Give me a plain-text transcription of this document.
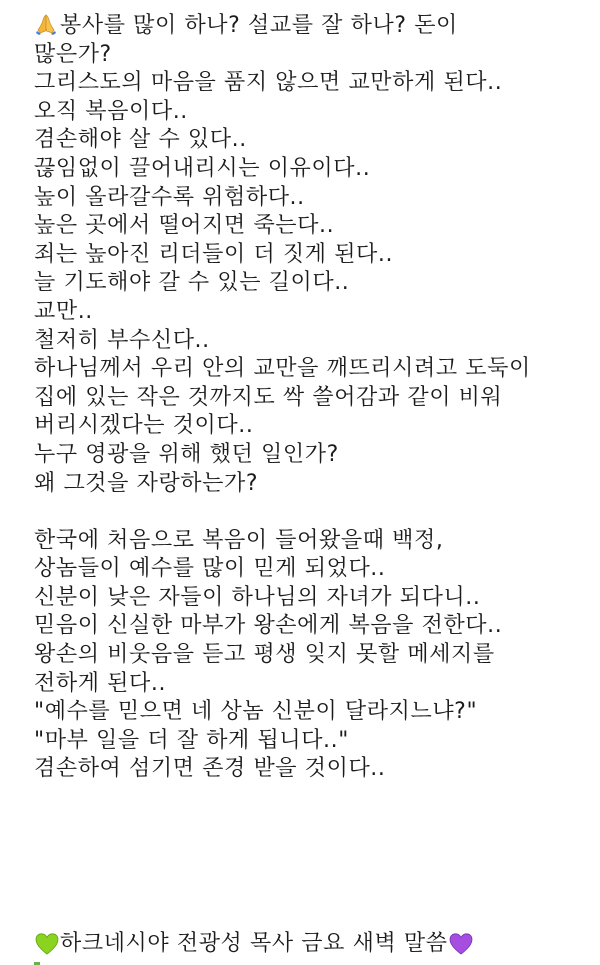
봉사를 많이 하나? 설교를 잘 하나? 돈이
많은가?
그리스도의 마음을 품지 않으면 교만하게 된다..
오직 복음이다..
겸손해야 살 수 있다..
끊임없이 끌어내리시는 이유이다..
높이 올라갈수록 위험하다..
높은 곳에서 떨어지면 죽는다..
죄는 높아진 리더들이 더 짓게 된다..
늘 기도해야 갈 수 있는 길이다..
교만..
철저히 부수신다..
하나님께서 우리 안의 교만을 깨뜨리시려고 도둑이
집에 있는 작은 것까지도 싹 쓸어감과 같이 비워
버리시겠다는 것이다..
누구 영광을 위해 했던 일인가?
왜 그것을 자랑하는가?
한국에 처음으로 복음이 들어왔을때 백정,
상놈들이 예수를 많이 믿게 되었다..
신분이 낮은 자들이 하나님의 자녀가 되다니..
믿음이 신실한 마부가 왕손에게 복음을 전한다..
왕손의 비웃음을 듣고 평생 잊지 못할 메세지를
전하게 된다..
"예수를 믿으면 네 상놈 신분이 달라지느냐?"
"마부 일을 더 잘 하게 됩니다.."
겸손하여 섬기면 존경 받을 것이다..
하크네시야 전광성 목사 금요 새벽 말씀
